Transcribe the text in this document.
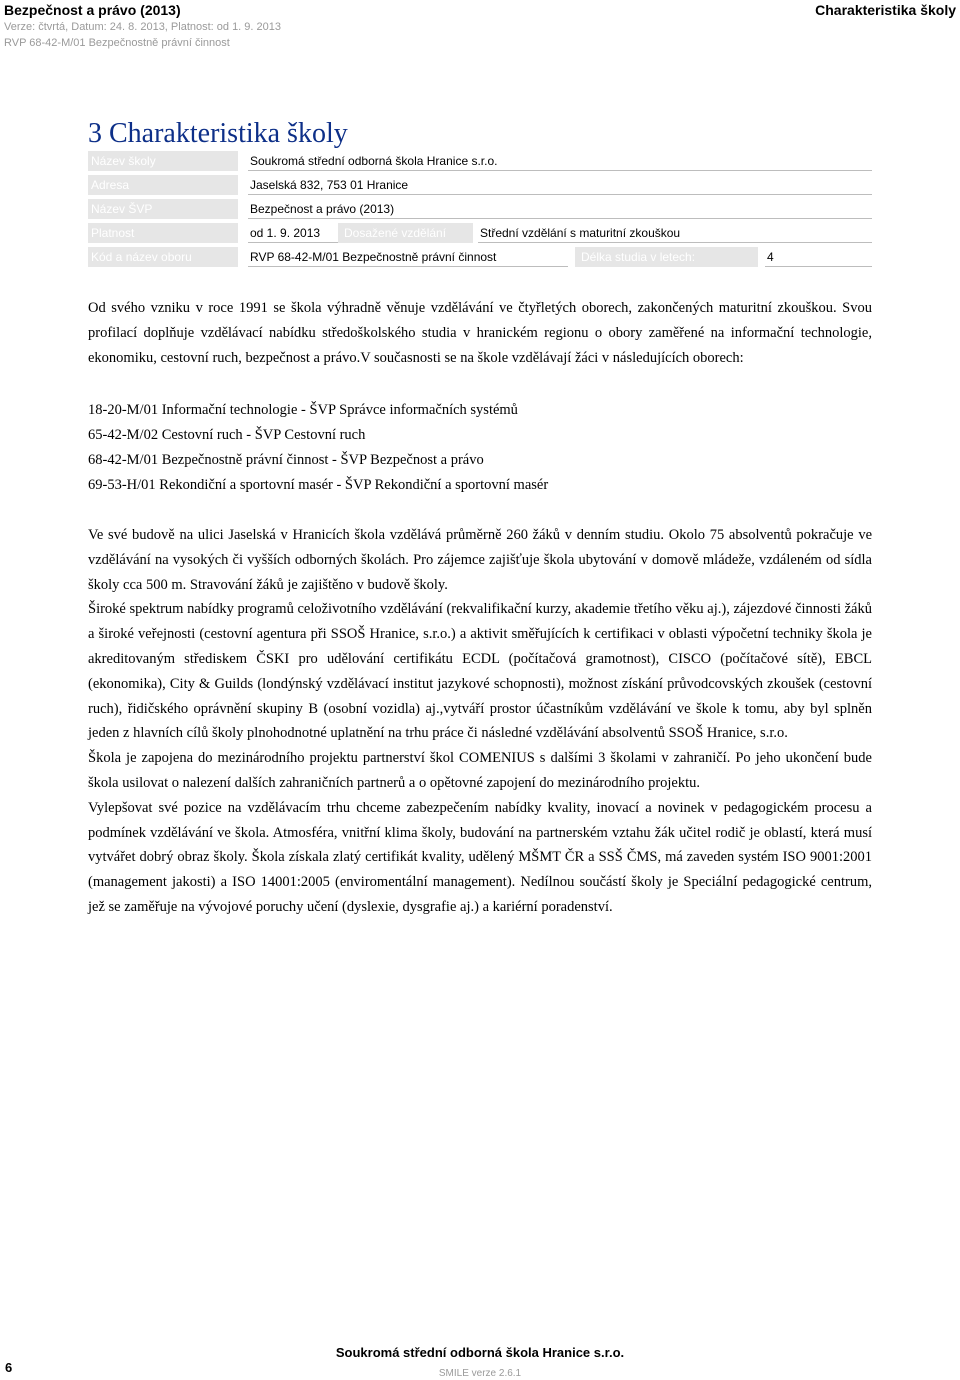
Bezpečnost a právo (2013)
Verze: čtvrtá, Datum: 24. 8. 2013, Platnost: od 1. 9. 2013
RVP 68-42-M/01 Bezpečnostně právní činnost
Charakteristika školy
3 Charakteristika školy
Název školy	Soukromá střední odborná škola Hranice s.r.o.
Adresa	Jaselská 832, 753 01 Hranice
Název ŠVP	Bezpečnost a právo (2013)
Platnost	od 1. 9. 2013	Dosažené vzdělání	Střední vzdělání s maturitní zkouškou
Kód a název oboru	RVP 68-42-M/01 Bezpečnostně právní činnost	Délka studia v letech:	4

Od svého vzniku v roce 1991 se škola výhradně věnuje vzdělávání ve čtyřletých oborech, zakončených maturitní zkouškou. Svou profilací doplňuje vzdělávací nabídku středoškolského studia v hranickém regionu o obory zaměřené na informační technologie, ekonomiku, cestovní ruch, bezpečnost a právo.V současnosti se na škole vzdělávají žáci v následujících oborech:

18-20-M/01 Informační technologie - ŠVP Správce informačních systémů
65-42-M/02 Cestovní ruch - ŠVP Cestovní ruch
68-42-M/01 Bezpečnostně právní činnost - ŠVP Bezpečnost a právo
69-53-H/01 Rekondiční a sportovní masér - ŠVP Rekondiční a sportovní masér

Ve své budově na ulici Jaselská v Hranicích škola vzdělává průměrně 260 žáků v denním studiu. Okolo 75 absolventů pokračuje ve vzdělávání na vysokých či vyšších odborných školách. Pro zájemce zajišťuje škola ubytování v domově mládeže, vzdáleném od sídla školy cca 500 m. Stravování žáků je zajištěno v budově školy.

Široké spektrum nabídky programů celoživotního vzdělávání (rekvalifikační kurzy, akademie třetího věku aj.), zájezdové činnosti žáků a široké veřejnosti (cestovní agentura při SSOŠ Hranice, s.r.o.) a aktivit směřujících k certifikaci v oblasti výpočetní techniky škola je akreditovaným střediskem ČSKI pro udělování certifikátu ECDL (počítačová gramotnost), CISCO (počítačové sítě), EBCL (ekonomika), City & Guilds (londýnský vzdělávací institut jazykové schopnosti), možnost získání průvodcovských zkoušek (cestovní ruch), řidičského oprávnění skupiny B (osobní vozidla) aj.,vytváří prostor účastníkům vzdělávání ve škole k tomu, aby byl splněn jeden z hlavních cílů školy plnohodnotné uplatnění na trhu práce či následné vzdělávání absolventů SSOŠ Hranice, s.r.o.

Škola je zapojena do mezinárodního projektu partnerství škol COMENIUS s dalšími 3 školami v zahraničí. Po jeho ukončení bude škola usilovat o nalezení dalších zahraničních partnerů a o opětovné zapojení do mezinárodního projektu.

Vylepšovat své pozice na vzdělávacím trhu chceme zabezpečením nabídky kvality, inovací a novinek v pedagogickém procesu a podmínek vzdělávání ve škola. Atmosféra, vnitřní klima školy, budování na partnerském vztahu žák učitel rodič je oblastí, která musí vytvářet dobrý obraz školy. Škola získala zlatý certifikát kvality, udělený MŠMT ČR a SSŠ ČMS, má zaveden systém ISO 9001:2001 (management jakosti) a ISO 14001:2005 (enviromentální management). Nedílnou součástí školy je Speciální pedagogické centrum, jež se zaměřuje na vývojové poruchy učení (dyslexie, dysgrafie aj.) a kariérní poradenství.

6
Soukromá střední odborná škola Hranice s.r.o.
SMILE verze 2.6.1
